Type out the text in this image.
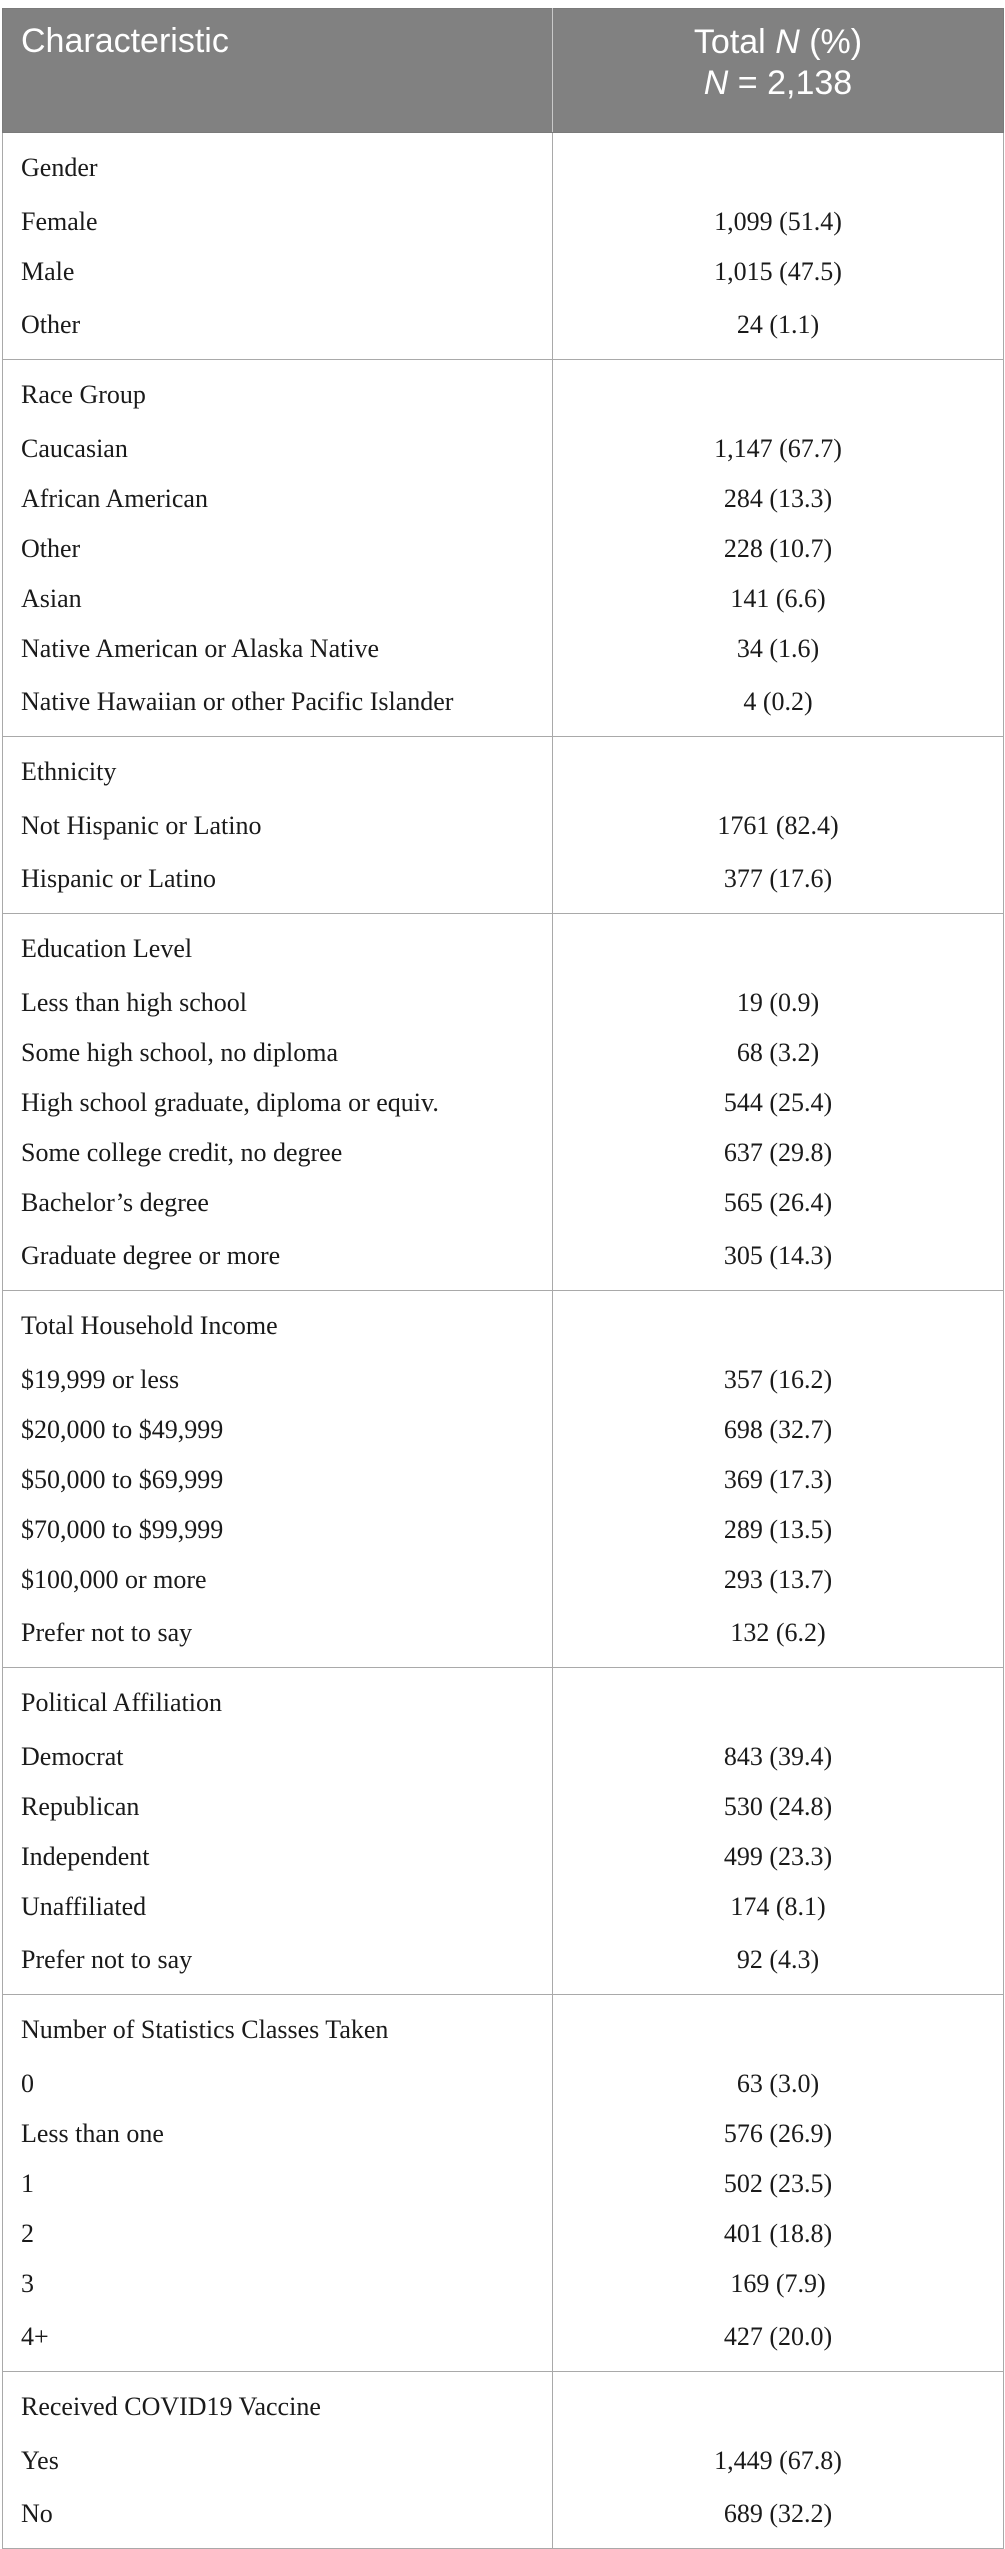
Characteristic	Total N (%)
N = 2,138

Gender	
Female	1,099 (51.4)
Male	1,015 (47.5)
Other	24 (1.1)
Race Group	
Caucasian	1,147 (67.7)
African American	284 (13.3)
Other	228 (10.7)
Asian	141 (6.6)
Native American or Alaska Native	34 (1.6)
Native Hawaiian or other Pacific Islander	4 (0.2)
Ethnicity	
Not Hispanic or Latino	1761 (82.4)
Hispanic or Latino	377 (17.6)
Education Level	
Less than high school	19 (0.9)
Some high school, no diploma	68 (3.2)
High school graduate, diploma or equiv.	544 (25.4)
Some college credit, no degree	637 (29.8)
Bachelor’s degree	565 (26.4)
Graduate degree or more	305 (14.3)
Total Household Income	
$19,999 or less	357 (16.2)
$20,000 to $49,999	698 (32.7)
$50,000 to $69,999	369 (17.3)
$70,000 to $99,999	289 (13.5)
$100,000 or more	293 (13.7)
Prefer not to say	132 (6.2)
Political Affiliation	
Democrat	843 (39.4)
Republican	530 (24.8)
Independent	499 (23.3)
Unaffiliated	174 (8.1)
Prefer not to say	92 (4.3)
Number of Statistics Classes Taken	
0	63 (3.0)
Less than one	576 (26.9)
1	502 (23.5)
2	401 (18.8)
3	169 (7.9)
4+	427 (20.0)
Received COVID19 Vaccine	
Yes	1,449 (67.8)
No	689 (32.2)
